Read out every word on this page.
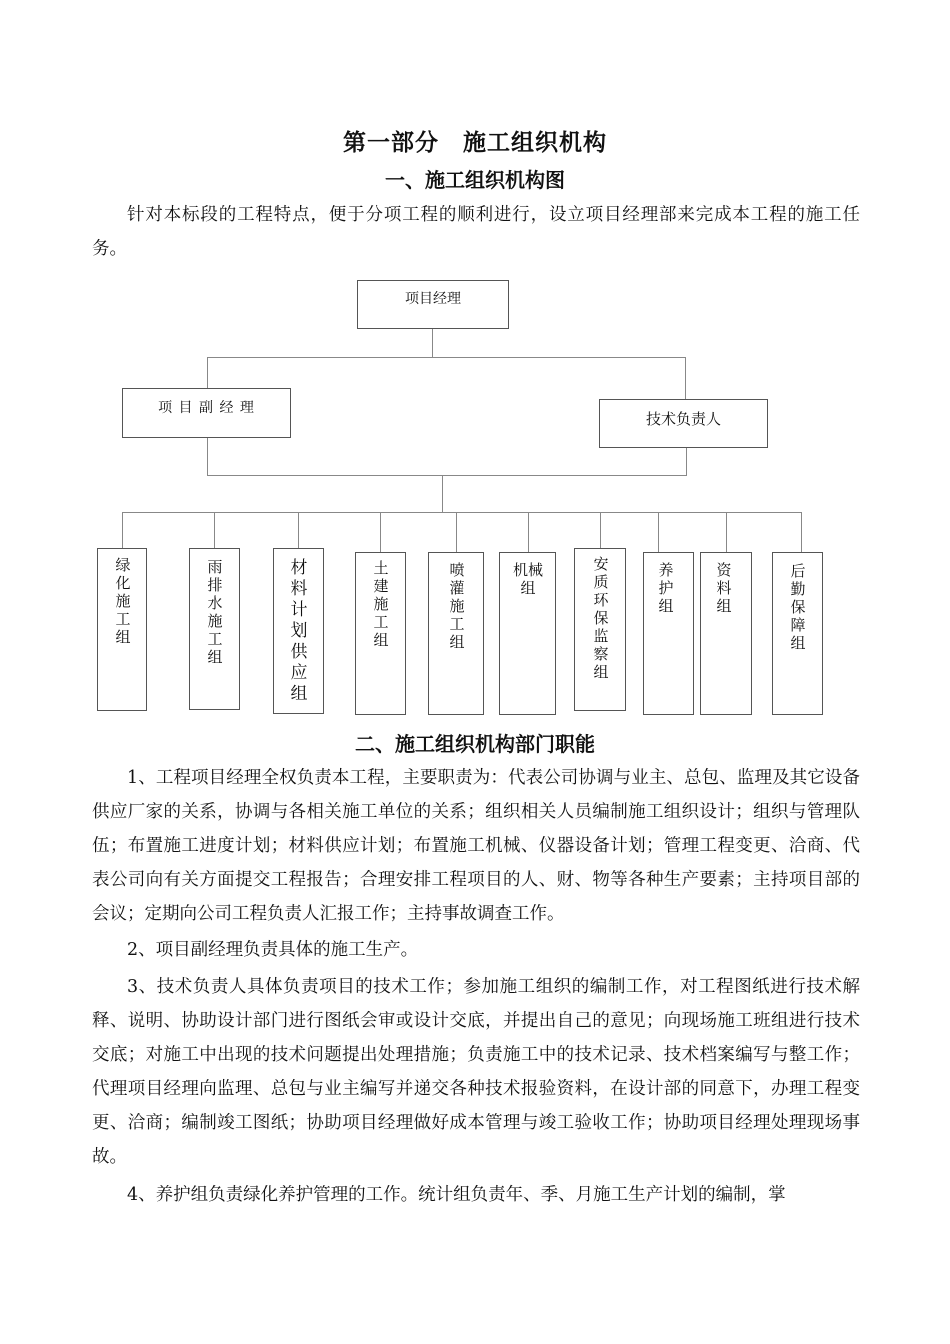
第一部分　施工组织机构
一、施工组织机构图
针对本标段的工程特点，便于分项工程的顺利进行，设立项目经理部来完成本工程的施工任务。
项目经理
项 目 副 经 理
技术负责人
绿化施工组
雨排水施工组
材料计划供应组
土建施工组
喷灌施工组
机械组
安质环保监察组
养护组
资料组
后勤保障组
二、施工组织机构部门职能
1、工程项目经理全权负责本工程，主要职责为：代表公司协调与业主、总包、监理及其它设备供应厂家的关系，协调与各相关施工单位的关系；组织相关人员编制施工组织设计；组织与管理队伍；布置施工进度计划；材料供应计划；布置施工机械、仪器设备计划；管理工程变更、洽商、代表公司向有关方面提交工程报告；合理安排工程项目的人、财、物等各种生产要素；主持项目部的会议；定期向公司工程负责人汇报工作；主持事故调查工作。
2、项目副经理负责具体的施工生产。
3、技术负责人具体负责项目的技术工作；参加施工组织的编制工作，对工程图纸进行技术解释、说明、协助设计部门进行图纸会审或设计交底，并提出自己的意见；向现场施工班组进行技术交底；对施工中出现的技术问题提出处理措施；负责施工中的技术记录、技术档案编写与整工作；代理项目经理向监理、总包与业主编写并递交各种技术报验资料，在设计部的同意下，办理工程变更、洽商；编制竣工图纸；协助项目经理做好成本管理与竣工验收工作；协助项目经理处理现场事故。
4、养护组负责绿化养护管理的工作。统计组负责年、季、月施工生产计划的编制，掌
